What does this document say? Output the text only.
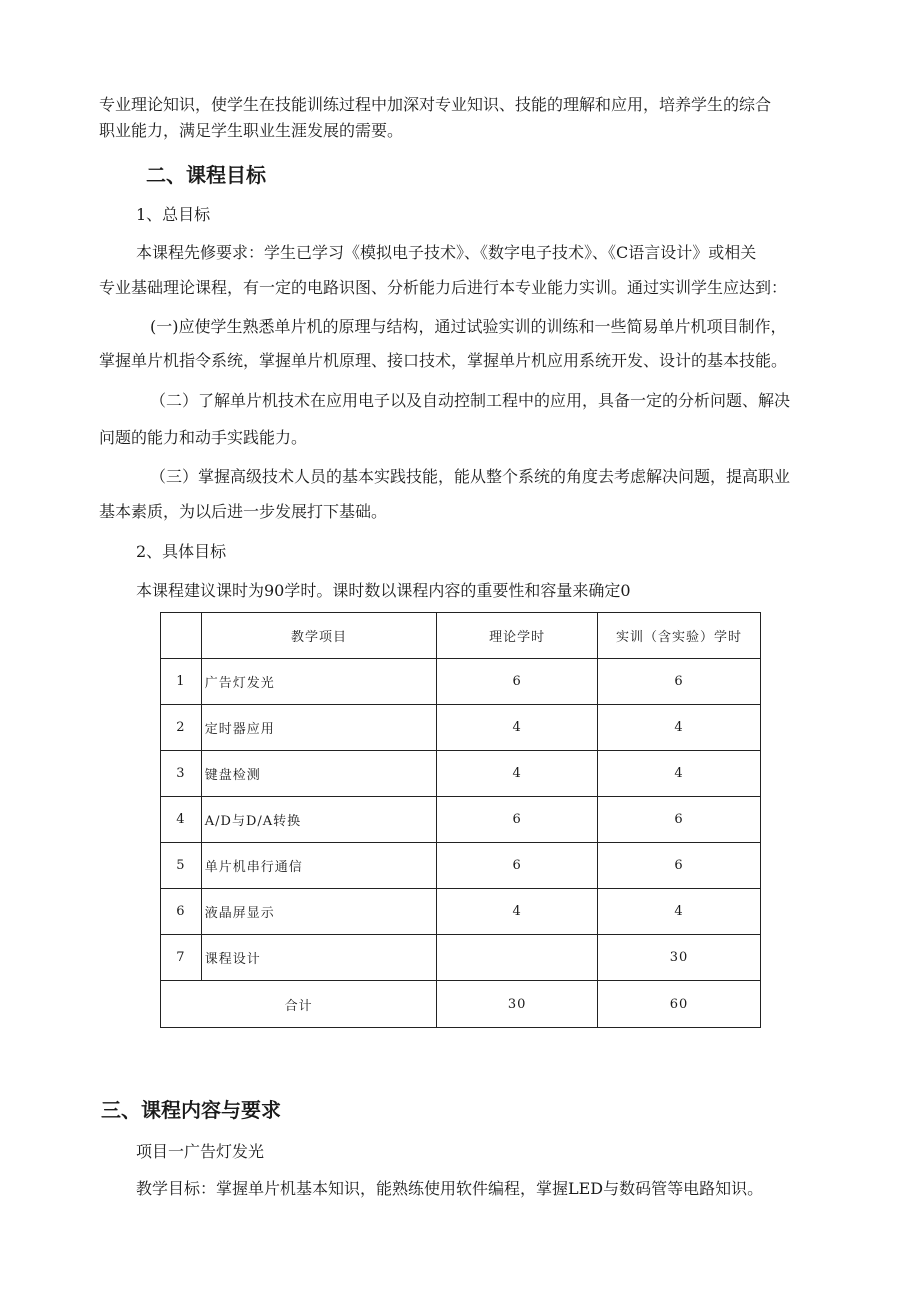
专业理论知识，使学生在技能训练过程中加深对专业知识、技能的理解和应用，培养学生的综合

职业能力，满足学生职业生涯发展的需要。

二、课程目标

1、总目标

本课程先修要求：学生已学习《模拟电子技术》、《数字电子技术》、《C语言设计》或相关

专业基础理论课程，有一定的电路识图、分析能力后进行本专业能力实训。通过实训学生应达到：

(一)应使学生熟悉单片机的原理与结构，通过试验实训的训练和一些简易单片机项目制作，

掌握单片机指令系统，掌握单片机原理、接口技术，掌握单片机应用系统开发、设计的基本技能。

（二）了解单片机技术在应用电子以及自动控制工程中的应用，具备一定的分析问题、解决

问题的能力和动手实践能力。

（三）掌握高级技术人员的基本实践技能，能从整个系统的角度去考虑解决问题，提高职业

基本素质，为以后进一步发展打下基础。

2、具体目标

本课程建议课时为90学时。课时数以课程内容的重要性和容量来确定0

	教学项目	理论学时	实训（含实验）学时
1	广告灯发光	6	6
2	定时器应用	4	4
3	键盘检测	4	4
4	A/D与D/A转换	6	6
5	单片机串行通信	6	6
6	液晶屏显示	4	4
7	课程设计		30
合计		30	60
三、课程内容与要求

项目一广告灯发光

教学目标：掌握单片机基本知识，能熟练使用软件编程，掌握LED与数码管等电路知识。
